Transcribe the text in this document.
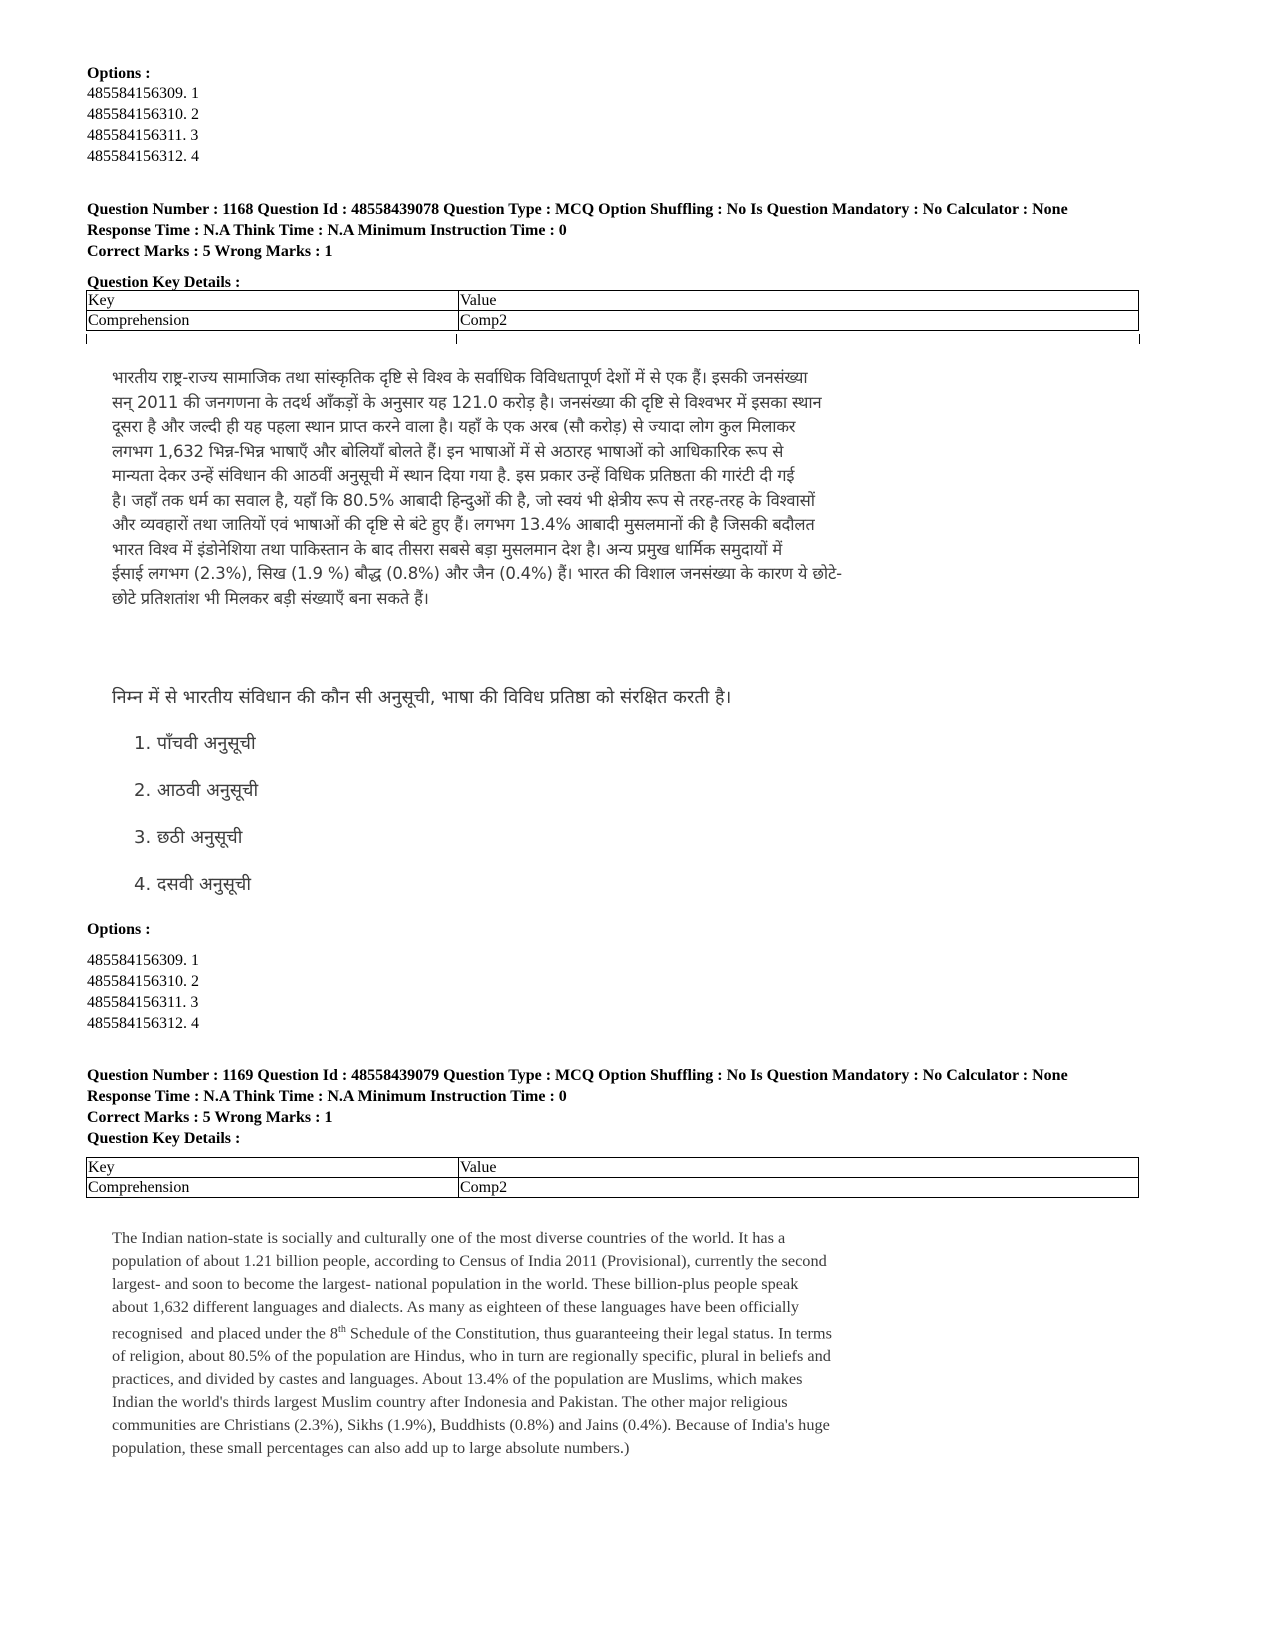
Options :
485584156309. 1
485584156310. 2
485584156311. 3
485584156312. 4
Question Number : 1168 Question Id : 48558439078 Question Type : MCQ Option Shuffling : No Is Question Mandatory : No Calculator : None
Response Time : N.A Think Time : N.A Minimum Instruction Time : 0
Correct Marks : 5 Wrong Marks : 1
Question Key Details :
Key	Value
Comprehension	Comp2
भारतीय राष्ट्र-राज्य सामाजिक तथा सांस्कृतिक दृष्टि से विश्व के सर्वाधिक विविधतापूर्ण देशों में से एक हैं। इसकी जनसंख्या
सन् 2011 की जनगणना के तदर्थ आँकड़ों के अनुसार यह 121.0 करोड़ है। जनसंख्या की दृष्टि से विश्वभर में इसका स्थान
दूसरा है और जल्दी ही यह पहला स्थान प्राप्त करने वाला है। यहाँ के एक अरब (सौ करोड़) से ज्यादा लोग कुल मिलाकर
लगभग 1,632 भिन्न-भिन्न भाषाएँ और बोलियाँ बोलते हैं। इन भाषाओं में से अठारह भाषाओं को आधिकारिक रूप से
मान्यता देकर उन्हें संविधान की आठवीं अनुसूची में स्थान दिया गया है. इस प्रकार उन्हें विधिक प्रतिष्ठता की गारंटी दी गई
है। जहाँ तक धर्म का सवाल है, यहाँ कि 80.5% आबादी हिन्दुओं की है, जो स्वयं भी क्षेत्रीय रूप से तरह-तरह के विश्वासों
और व्यवहारों तथा जातियों एवं भाषाओं की दृष्टि से बंटे हुए हैं। लगभग 13.4% आबादी मुसलमानों की है जिसकी बदौलत
भारत विश्व में इंडोनेशिया तथा पाकिस्तान के बाद तीसरा सबसे बड़ा मुसलमान देश है। अन्य प्रमुख धार्मिक समुदायों में
ईसाई लगभग (2.3%), सिख (1.9 %) बौद्ध (0.8%) और जैन (0.4%) हैं। भारत की विशाल जनसंख्या के कारण ये छोटे-
छोटे प्रतिशतांश भी मिलकर बड़ी संख्याएँ बना सकते हैं।
निम्न में से भारतीय संविधान की कौन सी अनुसूची, भाषा की विविध प्रतिष्ठा को संरक्षित करती है।
1. पाँचवी अनुसूची
2. आठवी अनुसूची
3. छठी अनुसूची
4. दसवी अनुसूची
Options :
485584156309. 1
485584156310. 2
485584156311. 3
485584156312. 4
Question Number : 1169 Question Id : 48558439079 Question Type : MCQ Option Shuffling : No Is Question Mandatory : No Calculator : None
Response Time : N.A Think Time : N.A Minimum Instruction Time : 0
Correct Marks : 5 Wrong Marks : 1
Question Key Details :
Key	Value
Comprehension	Comp2
The Indian nation-state is socially and culturally one of the most diverse countries of the world. It has a
population of about 1.21 billion people, according to Census of India 2011 (Provisional), currently the second
largest- and soon to become the largest- national population in the world. These billion-plus people speak
about 1,632 different languages and dialects. As many as eighteen of these languages have been officially
recognised  and placed under the 8th Schedule of the Constitution, thus guaranteeing their legal status. In terms
of religion, about 80.5% of the population are Hindus, who in turn are regionally specific, plural in beliefs and
practices, and divided by castes and languages. About 13.4% of the population are Muslims, which makes
Indian the world's thirds largest Muslim country after Indonesia and Pakistan. The other major religious
communities are Christians (2.3%), Sikhs (1.9%), Buddhists (0.8%) and Jains (0.4%). Because of India's huge
population, these small percentages can also add up to large absolute numbers.)
